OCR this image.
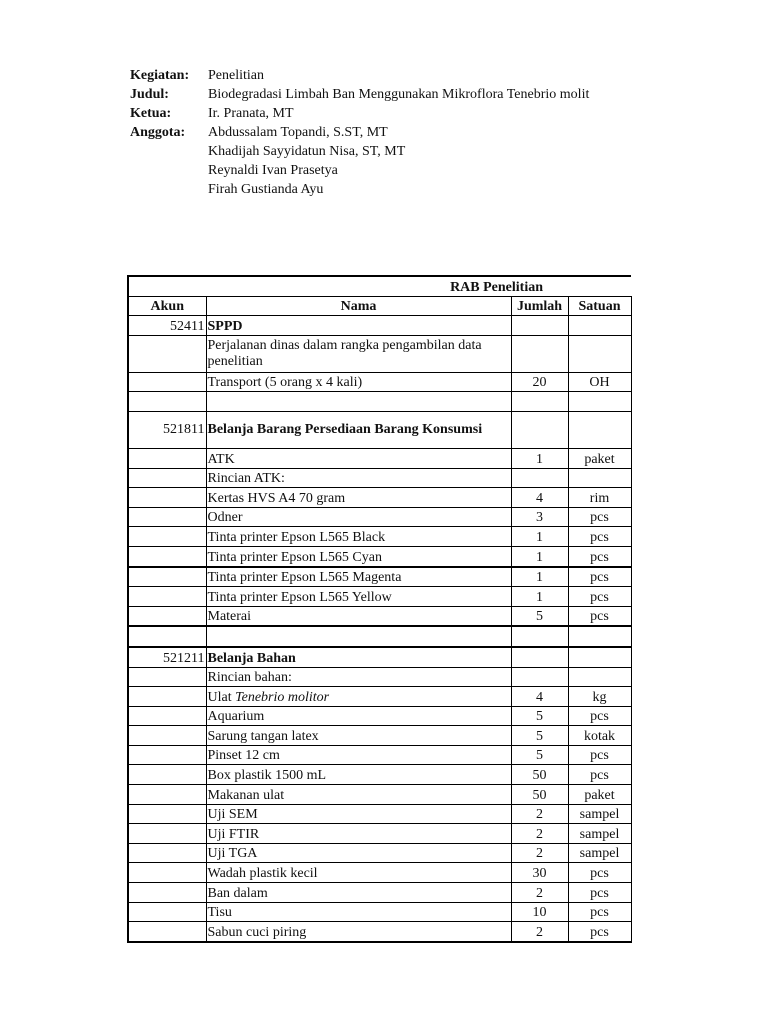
Kegiatan:	Penelitian
Judul:	Biodegradasi Limbah Ban Menggunakan Mikroflora Tenebrio molit
Ketua:	Ir. Pranata, MT
Anggota:	Abdussalam Topandi, S.ST, MT
Khadijah Sayyidatun Nisa, ST, MT
Reynaldi Ivan Prasetya
Firah Gustianda Ayu
RAB Penelitian			
Akun	Nama	Jumlah	Satuan
52411	SPPD		
	Perjalanan dinas dalam rangka pengambilan data penelitian		
	Transport (5 orang x 4 kali)	20	OH

521811	Belanja Barang Persediaan Barang Konsumsi		
	ATK	1	paket
	Rincian ATK:		
	Kertas HVS A4 70 gram	4	rim
	Odner	3	pcs
	Tinta printer Epson L565 Black	1	pcs
	Tinta printer Epson L565 Cyan	1	pcs
	Tinta printer Epson L565 Magenta	1	pcs
	Tinta printer Epson L565 Yellow	1	pcs
	Materai	5	pcs

521211	Belanja Bahan		
	Rincian bahan:		
	Ulat Tenebrio molitor	4	kg
	Aquarium	5	pcs
	Sarung tangan latex	5	kotak
	Pinset 12 cm	5	pcs
	Box plastik 1500 mL	50	pcs
	Makanan ulat	50	paket
	Uji SEM	2	sampel
	Uji FTIR	2	sampel
	Uji TGA	2	sampel
	Wadah plastik kecil	30	pcs
	Ban dalam	2	pcs
	Tisu	10	pcs
	Sabun cuci piring	2	pcs
